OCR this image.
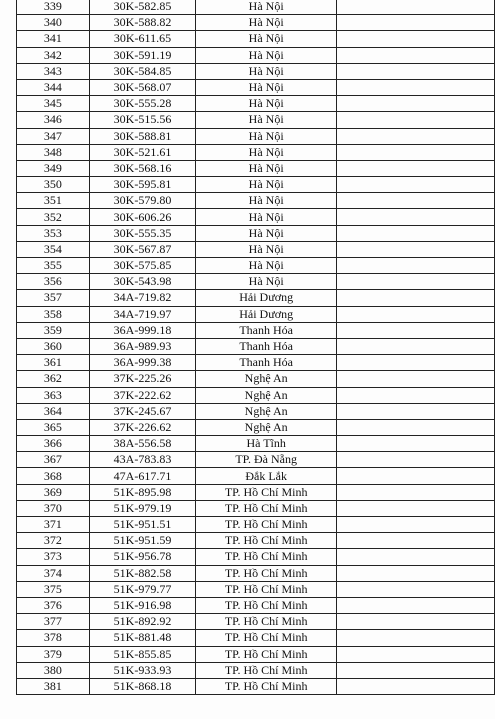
339	30K-582.85	Hà Nội	
340	30K-588.82	Hà Nội	
341	30K-611.65	Hà Nội	
342	30K-591.19	Hà Nội	
343	30K-584.85	Hà Nội	
344	30K-568.07	Hà Nội	
345	30K-555.28	Hà Nội	
346	30K-515.56	Hà Nội	
347	30K-588.81	Hà Nội	
348	30K-521.61	Hà Nội	
349	30K-568.16	Hà Nội	
350	30K-595.81	Hà Nội	
351	30K-579.80	Hà Nội	
352	30K-606.26	Hà Nội	
353	30K-555.35	Hà Nội	
354	30K-567.87	Hà Nội	
355	30K-575.85	Hà Nội	
356	30K-543.98	Hà Nội	
357	34A-719.82	Hải Dương	
358	34A-719.97	Hải Dương	
359	36A-999.18	Thanh Hóa	
360	36A-989.93	Thanh Hóa	
361	36A-999.38	Thanh Hóa	
362	37K-225.26	Nghệ An	
363	37K-222.62	Nghệ An	
364	37K-245.67	Nghệ An	
365	37K-226.62	Nghệ An	
366	38A-556.58	Hà Tĩnh	
367	43A-783.83	TP. Đà Nẵng	
368	47A-617.71	Đắk Lắk	
369	51K-895.98	TP. Hồ Chí Minh	
370	51K-979.19	TP. Hồ Chí Minh	
371	51K-951.51	TP. Hồ Chí Minh	
372	51K-951.59	TP. Hồ Chí Minh	
373	51K-956.78	TP. Hồ Chí Minh	
374	51K-882.58	TP. Hồ Chí Minh	
375	51K-979.77	TP. Hồ Chí Minh	
376	51K-916.98	TP. Hồ Chí Minh	
377	51K-892.92	TP. Hồ Chí Minh	
378	51K-881.48	TP. Hồ Chí Minh	
379	51K-855.85	TP. Hồ Chí Minh	
380	51K-933.93	TP. Hồ Chí Minh	
381	51K-868.18	TP. Hồ Chí Minh	
